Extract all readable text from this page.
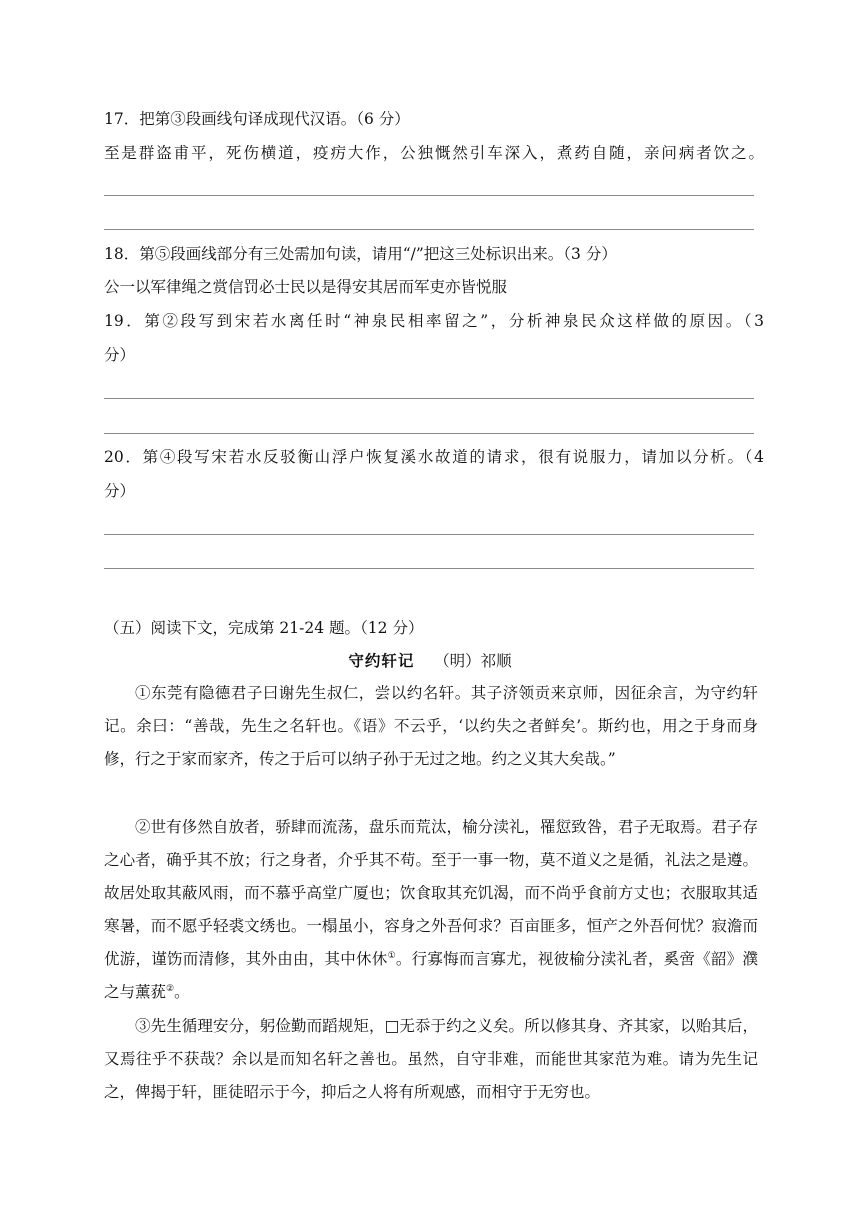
17．把第③段画线句译成现代汉语。（6 分）
至是群盗甫平，死伤横道，疫疠大作，公独慨然引车深入，煮药自随，亲问病者饮之。
18．第⑤段画线部分有三处需加句读，请用“/”把这三处标识出来。（3 分）
公一以军律绳之赏信罚必士民以是得安其居而军吏亦皆悦服
19．第②段写到宋若水离任时“神泉民相率留之”，分析神泉民众这样做的原因。（3
分）
20．第④段写宋若水反驳衡山浮户恢复溪水故道的请求，很有说服力，请加以分析。（4
分）
（五）阅读下文，完成第 21-24 题。（12 分）
守约轩记 （明）祁顺
①东莞有隐德君子曰谢先生叔仁，尝以约名轩。其子济领贡来京师，因征余言，为守约轩记。余曰：“善哉，先生之名轩也。《语》不云乎，‘以约失之者鲜矣’。斯约也，用之于身而身修，行之于家而家齐，传之于后可以纳子孙于无过之地。约之义其大矣哉。”
②世有侈然自放者，骄肆而流荡，盘乐而荒汰，榆分渎礼，罹愆致咎，君子无取焉。君子存之心者，确乎其不放；行之身者，介乎其不苟。至于一事一物，莫不道义之是循，礼法之是遵。故居处取其蔽风雨，而不慕乎高堂广厦也；饮食取其充饥渴，而不尚乎食前方丈也；衣服取其适寒暑，而不愿乎轻裘文绣也。一榻虽小，容身之外吾何求？百亩匪多，恒产之外吾何忧？寂澹而优游，谨饬而清修，其外由由，其中休休①。行寡悔而言寡尤，视彼榆分渎礼者，奚啻《韶》濮之与薰莸②。
③先生循理安分，躬俭勤而蹈规矩，□无忝于约之义矣。所以修其身、齐其家，以贻其后，又焉往乎不获哉？余以是而知名轩之善也。虽然，自守非难，而能世其家范为难。请为先生记之，俾揭于轩，匪徒昭示于今，抑后之人将有所观感，而相守于无穷也。
